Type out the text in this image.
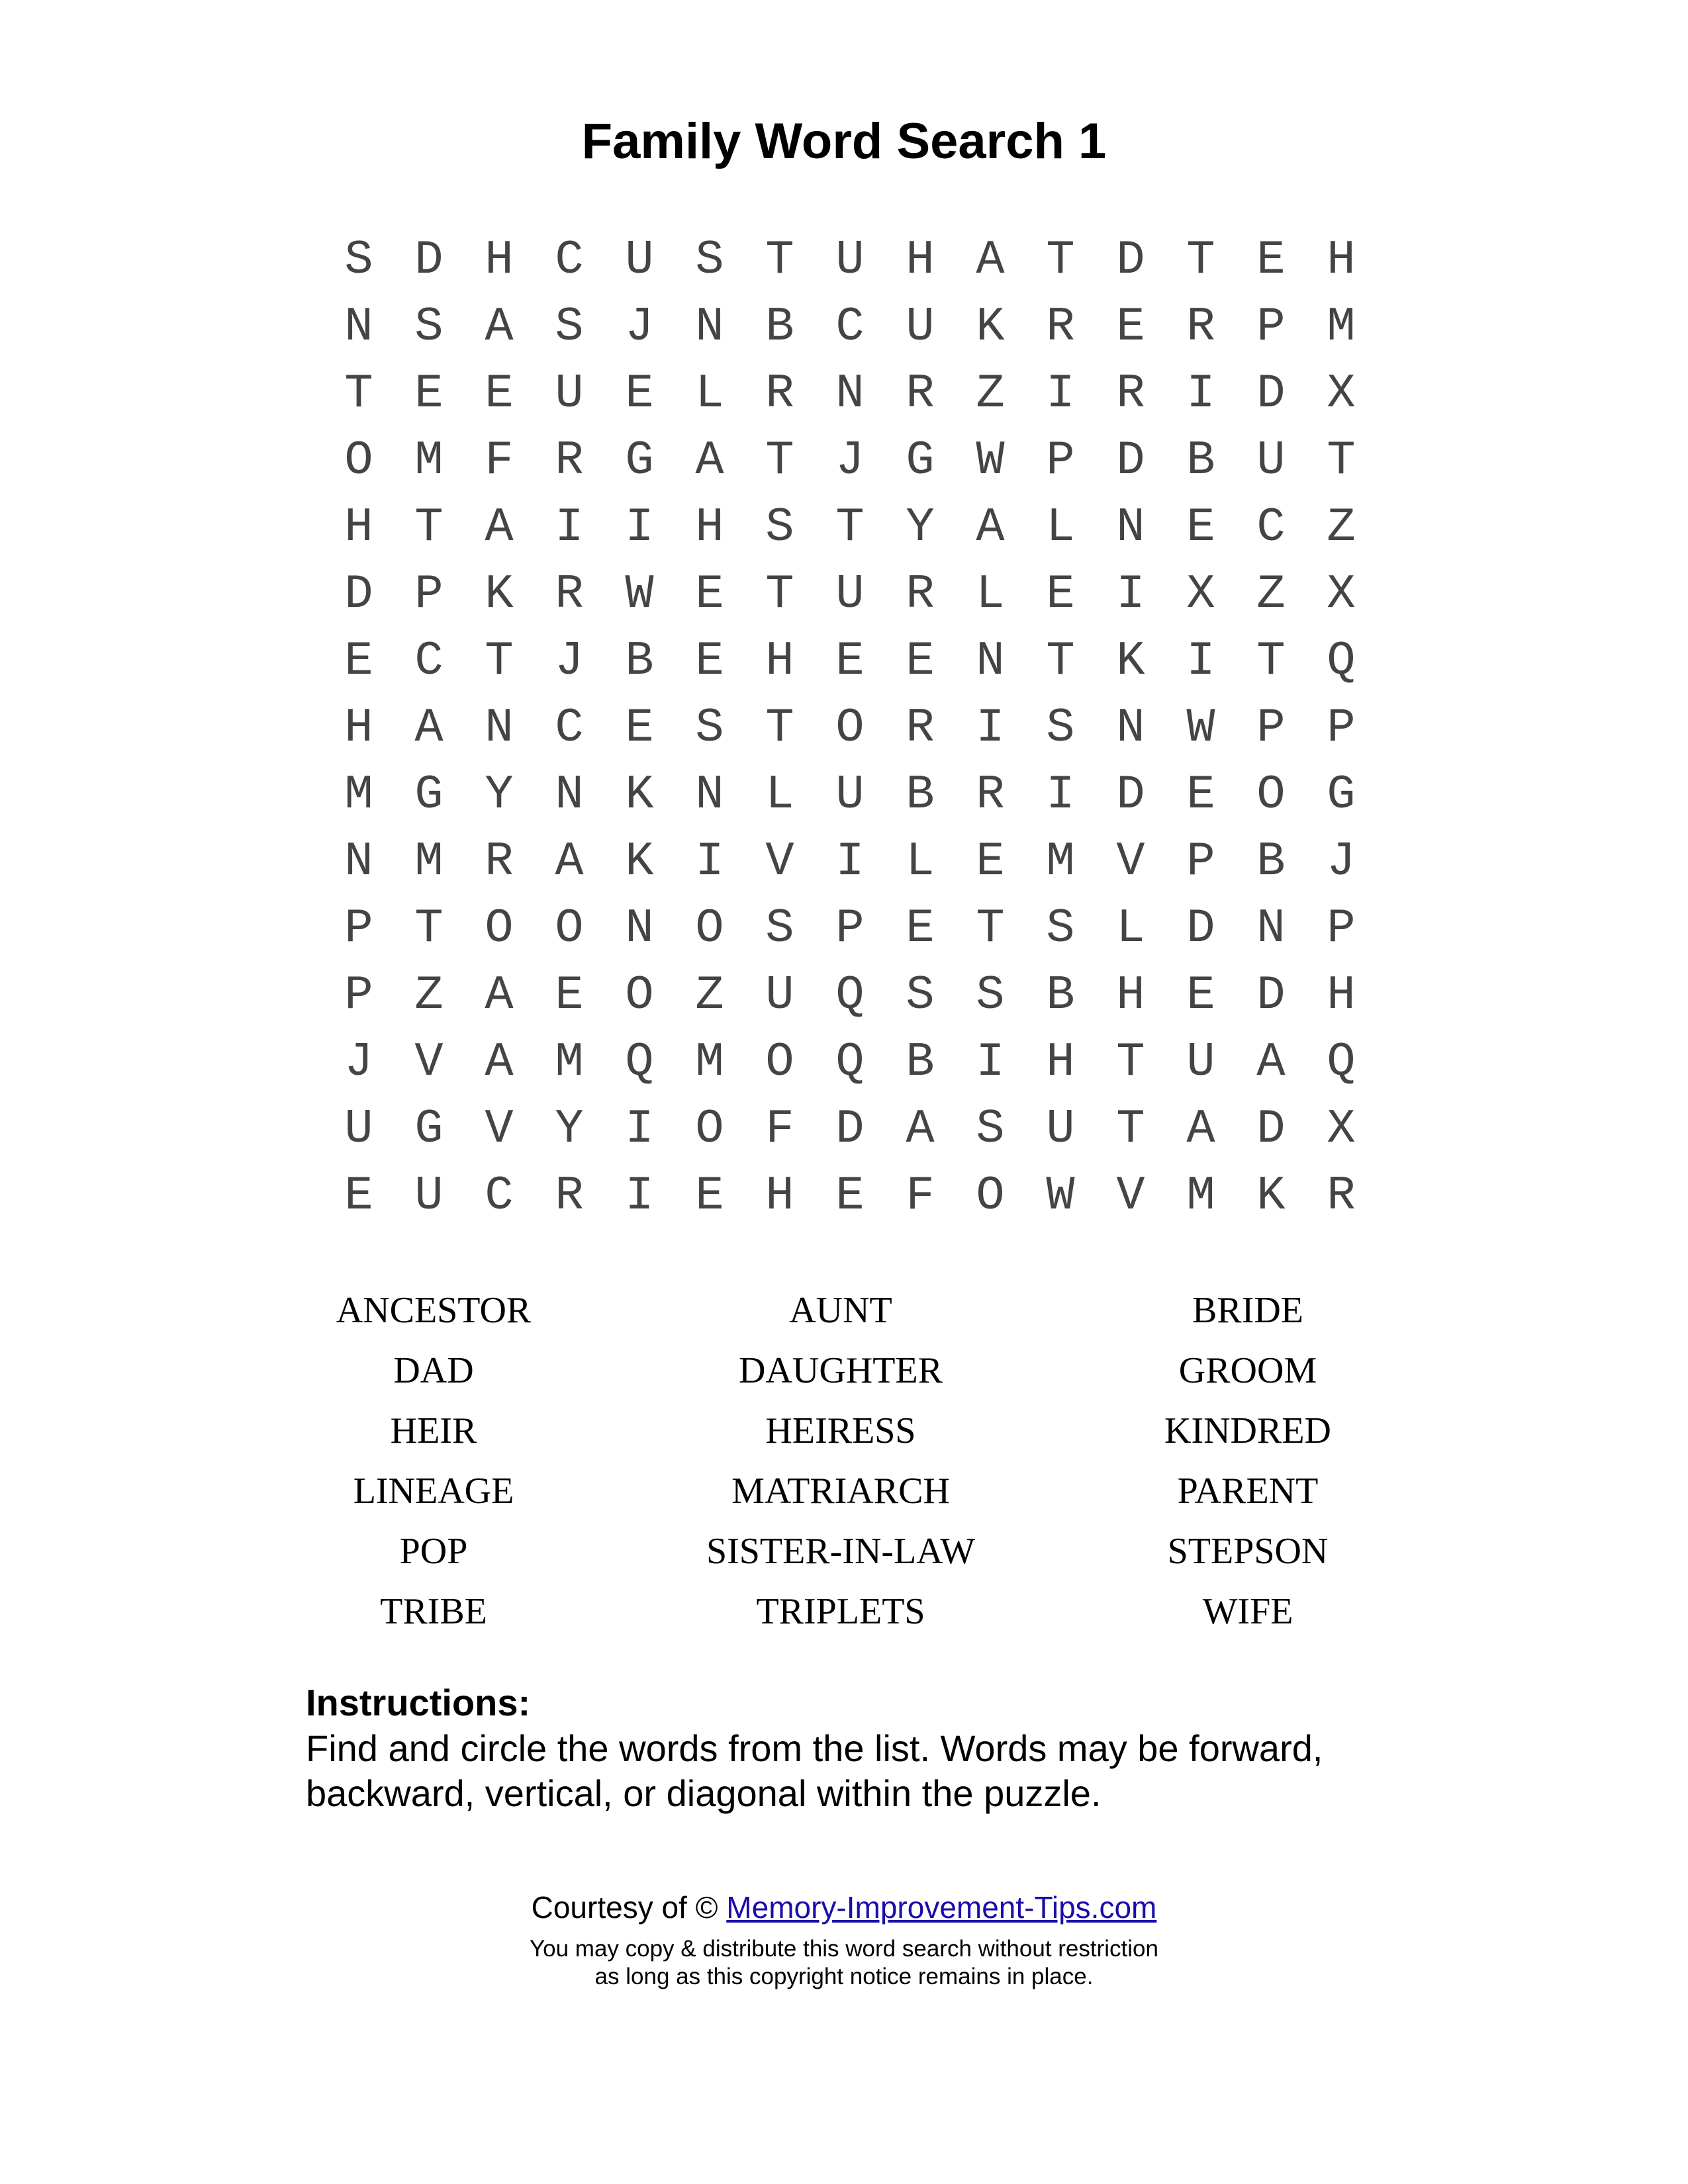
Family Word Search 1
S D H C U S T U H A T D T E H
N S A S J N B C U K R E R P M
T E E U E L R N R Z I R I D X
O M F R G A T J G W P D B U T
H T A I I H S T Y A L N E C Z
D P K R W E T U R L E I X Z X
E C T J B E H E E N T K I T Q
H A N C E S T O R I S N W P P
M G Y N K N L U B R I D E O G
N M R A K I V I L E M V P B J
P T O O N O S P E T S L D N P
P Z A E O Z U Q S S B H E D H
J V A M Q M O Q B I H T U A Q
U G V Y I O F D A S U T A D X
E U C R I E H E F O W V M K R
ANCESTOR	AUNT	BRIDE
DAD	DAUGHTER	GROOM
HEIR	HEIRESS	KINDRED
LINEAGE	MATRIARCH	PARENT
POP	SISTER-IN-LAW	STEPSON
TRIBE	TRIPLETS	WIFE
Instructions:
Find and circle the words from the list. Words may be forward, backward, vertical, or diagonal within the puzzle.
Courtesy of © Memory-Improvement-Tips.com
You may copy & distribute this word search without restriction
as long as this copyright notice remains in place.
